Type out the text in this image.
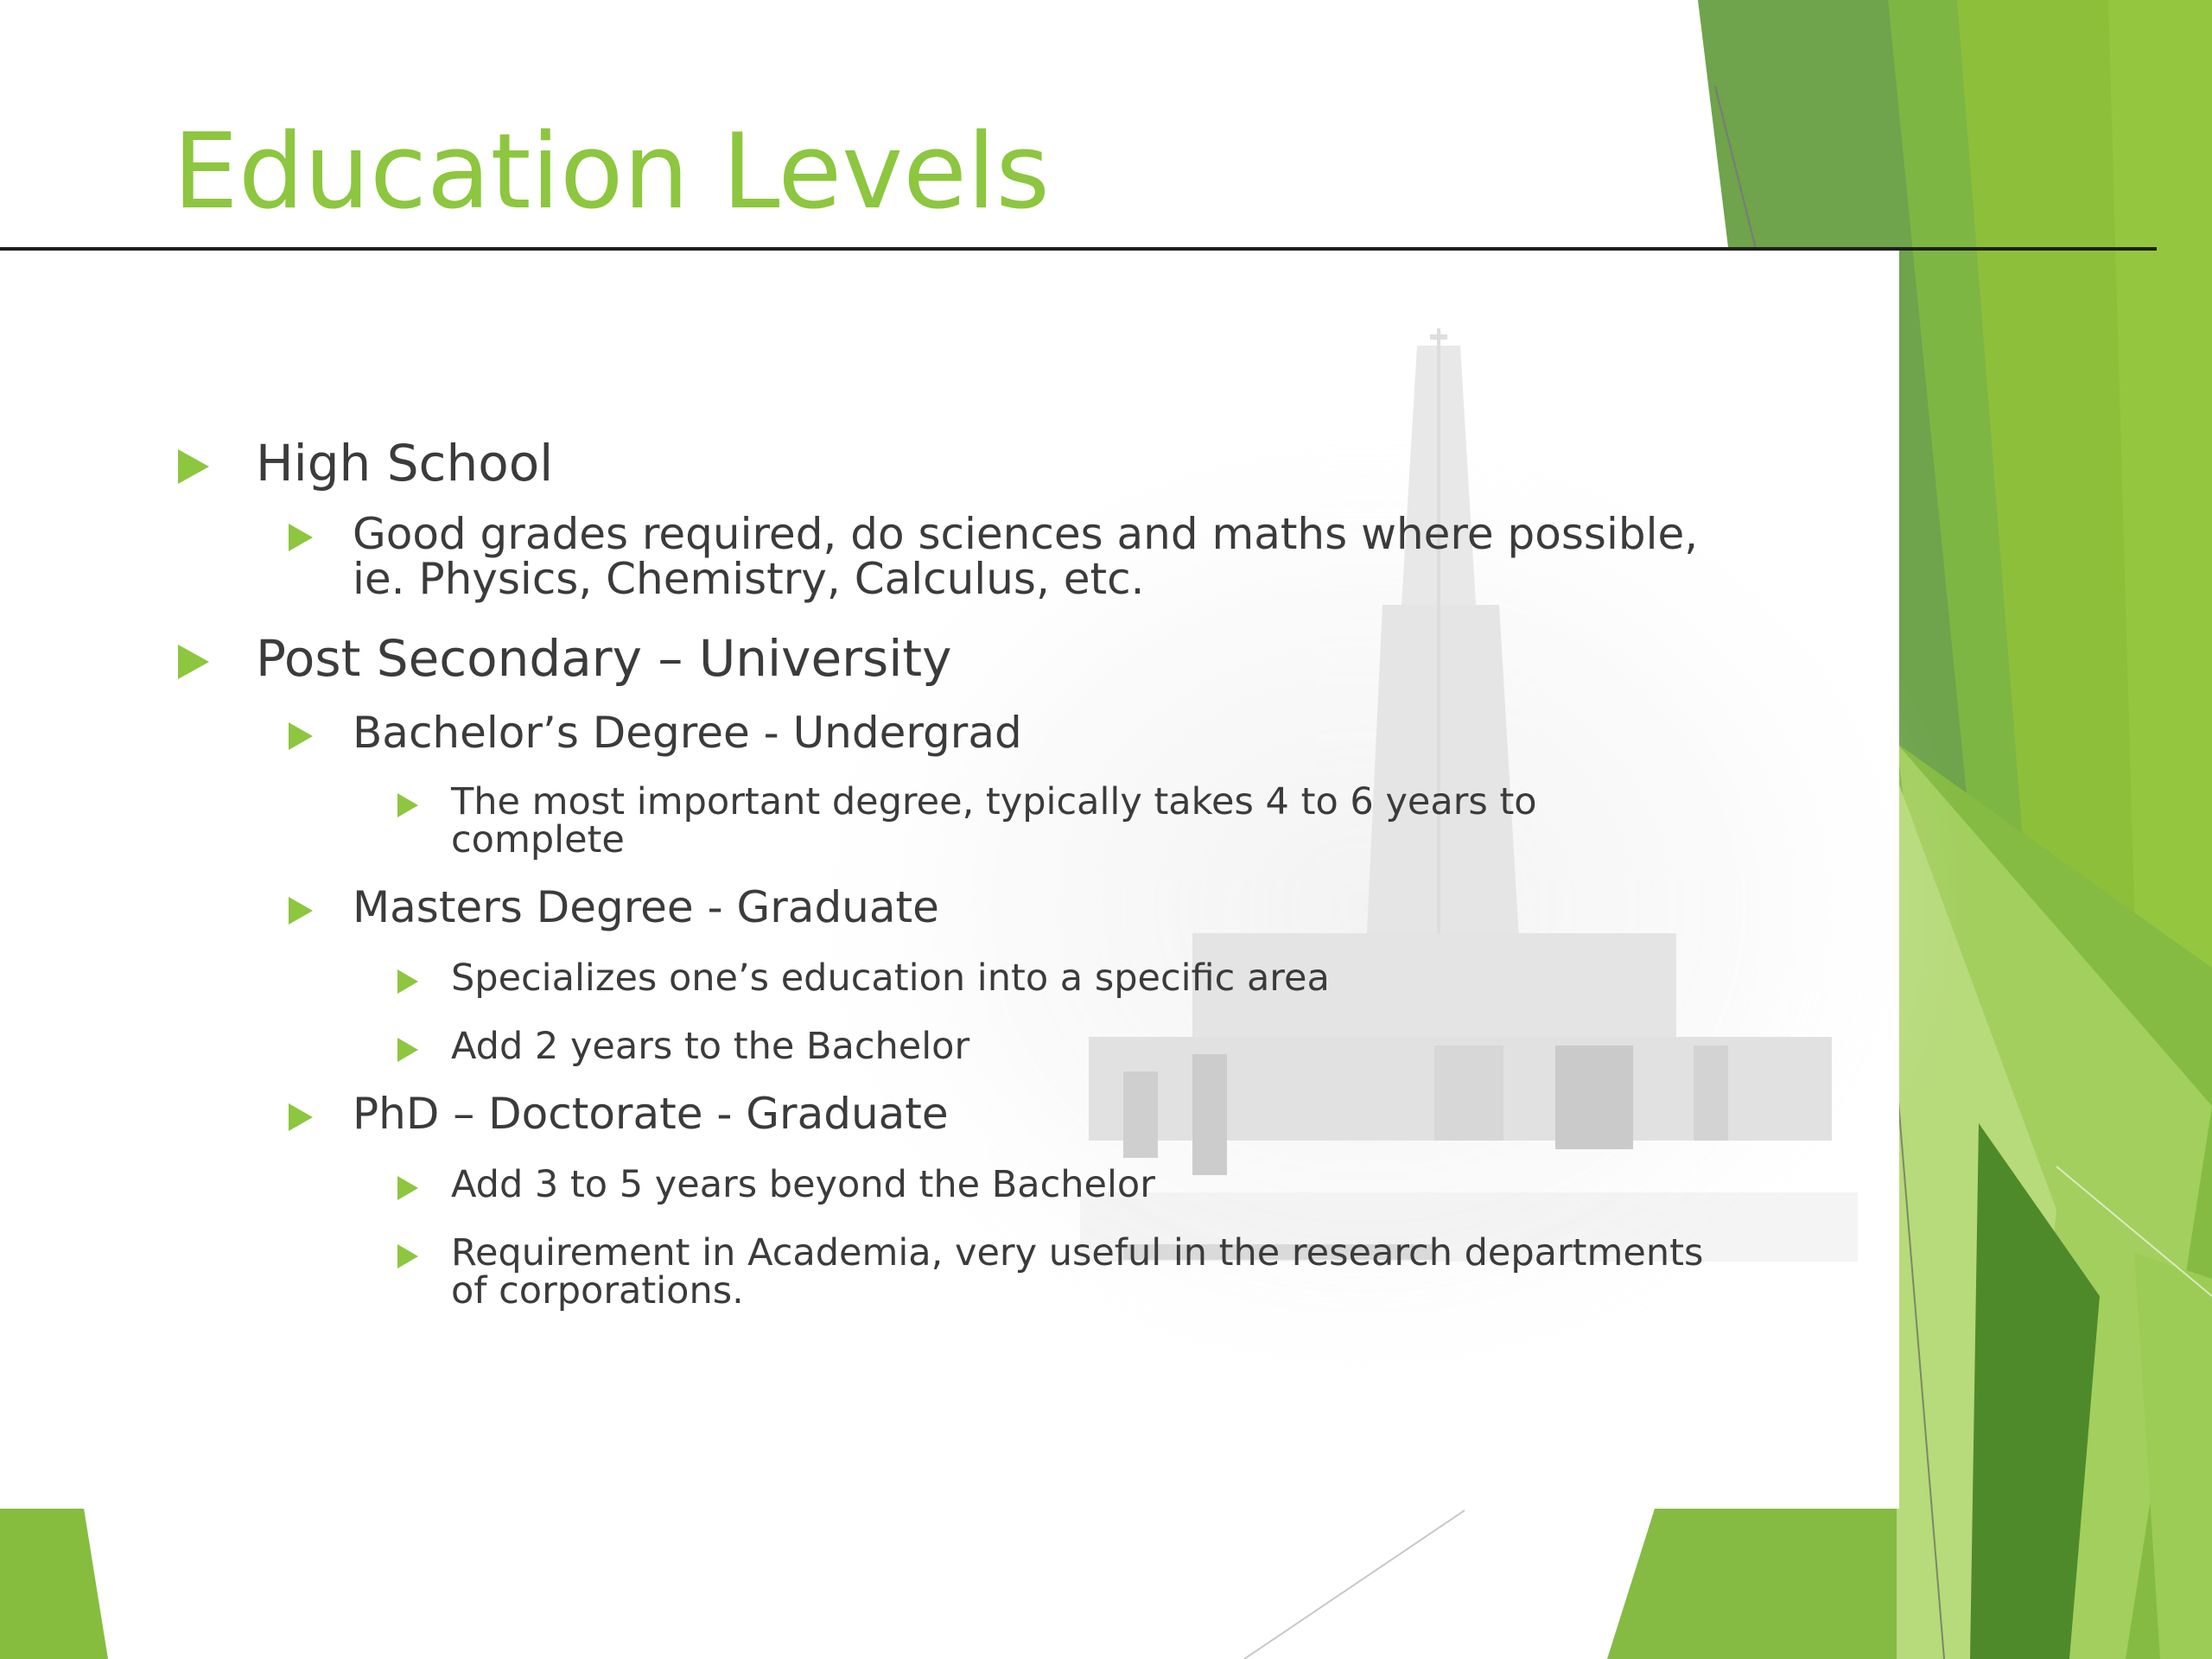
Education Levels
High School
Good grades required, do sciences and maths where possible,
ie. Physics, Chemistry, Calculus, etc.
Post Secondary – University
Bachelor’s Degree - Undergrad
The most important degree, typically takes 4 to 6 years to
complete
Masters Degree - Graduate
Specializes one’s education into a specific area
Add 2 years to the Bachelor
PhD – Doctorate - Graduate
Add 3 to 5 years beyond the Bachelor
Requirement in Academia, very useful in the research departments
of corporations.
